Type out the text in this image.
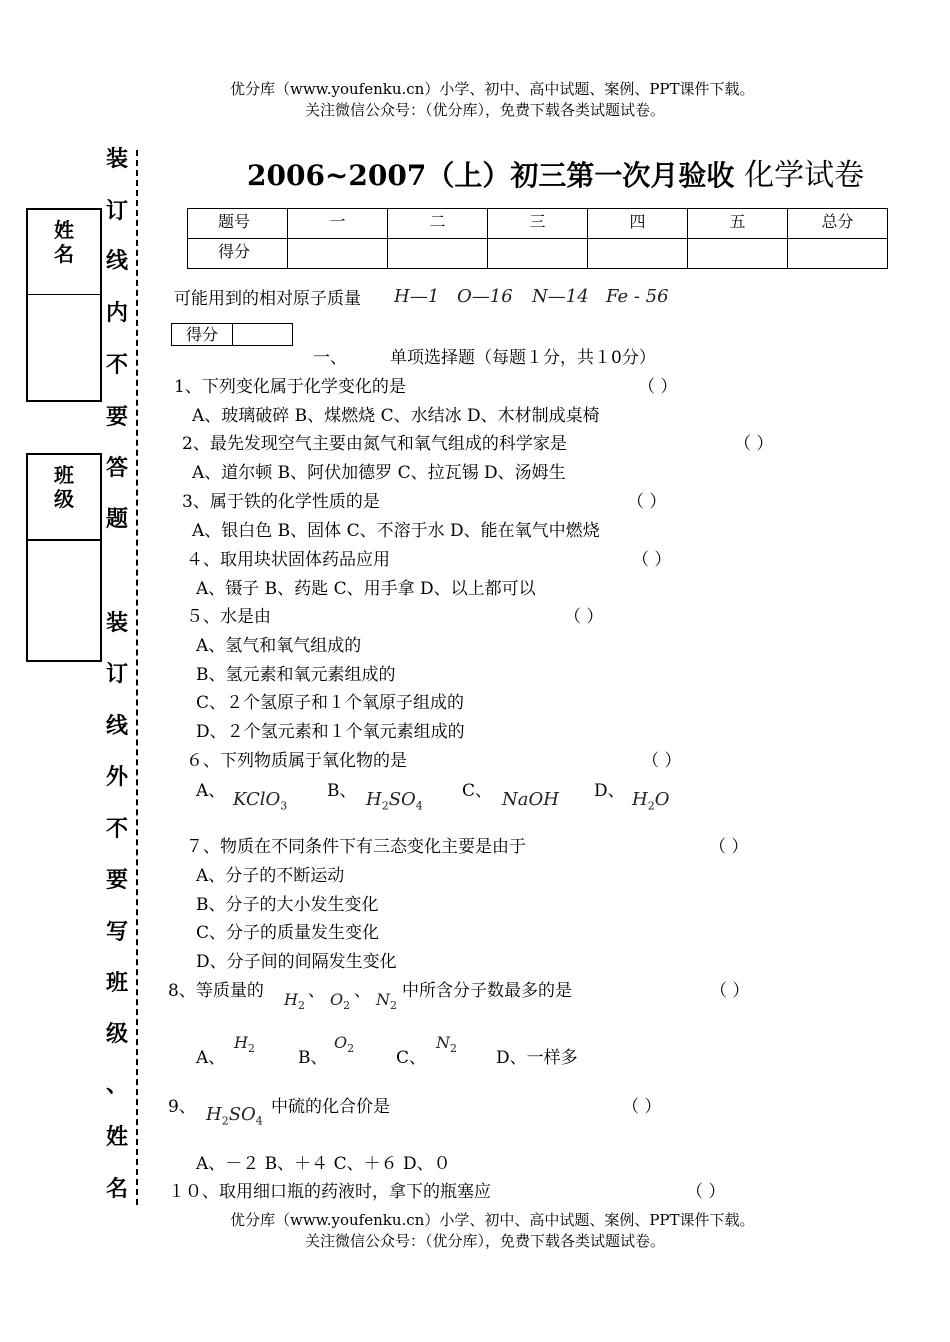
优分库（www.youfenku.cn）小学、初中、高中试题、案例、PPT课件下载。
关注微信公众号：（优分库），免费下载各类试题试卷。
装
订
线
内
不
要
答
题
装
订
线
外
不
要
写
班
级
、
姓
名
姓名
班级
2006~2007（上）初三第一次月验收 化学试卷
题号	一	二	三	四	五	总分
得分						
可能用到的相对原子质量 H—1 O—16 N—14 Fe - 56
得分
一、	单项选择题（每题１分，共１0分）
1、下列变化属于化学变化的是	（ ）
A、玻璃破碎 B、煤燃烧 C、水结冰 D、木材制成桌椅
2、最先发现空气主要由氮气和氧气组成的科学家是	（ ）
A、道尔顿 B、阿伏加德罗 C、拉瓦锡 D、汤姆生
3、属于铁的化学性质的是	（ ）
A、银白色 B、固体 C、不溶于水 D、能在氧气中燃烧
４、取用块状固体药品应用	（ ）
A、镊子 B、药匙 C、用手拿 D、以上都可以
５、水是由	（ ）
A、氢气和氧气组成的
B、氢元素和氧元素组成的
C、２个氢原子和１个氧原子组成的
D、２个氢元素和１个氧元素组成的
６、下列物质属于氧化物的是	（ ）
A、 KClO$_3$
B、 $H_2SO_4$
C、 NaOH D、 $H_2O$
７、物质在不同条件下有三态变化主要是由于	（ ）
A、分子的不断运动
B、分子的大小发生变化
C、分子的质量发生变化
D、分子间的间隔发生变化
8、等质量的 $H_2$
、 $O_2$
、 $N_2$
中所含分子数最多的是	（ ）
A、
$H_2$	B、
$O_2$ C、
$N_2$ D、一样多
9、 $H_2SO_4$
中硫的化合价是	（ ）
A、－２ B、＋４ C、＋６ D、０
１０、取用细口瓶的药液时，拿下的瓶塞应	（ ）
优分库（www.youfenku.cn）小学、初中、高中试题、案例、PPT课件下载。
关注微信公众号：（优分库），免费下载各类试题试卷。
